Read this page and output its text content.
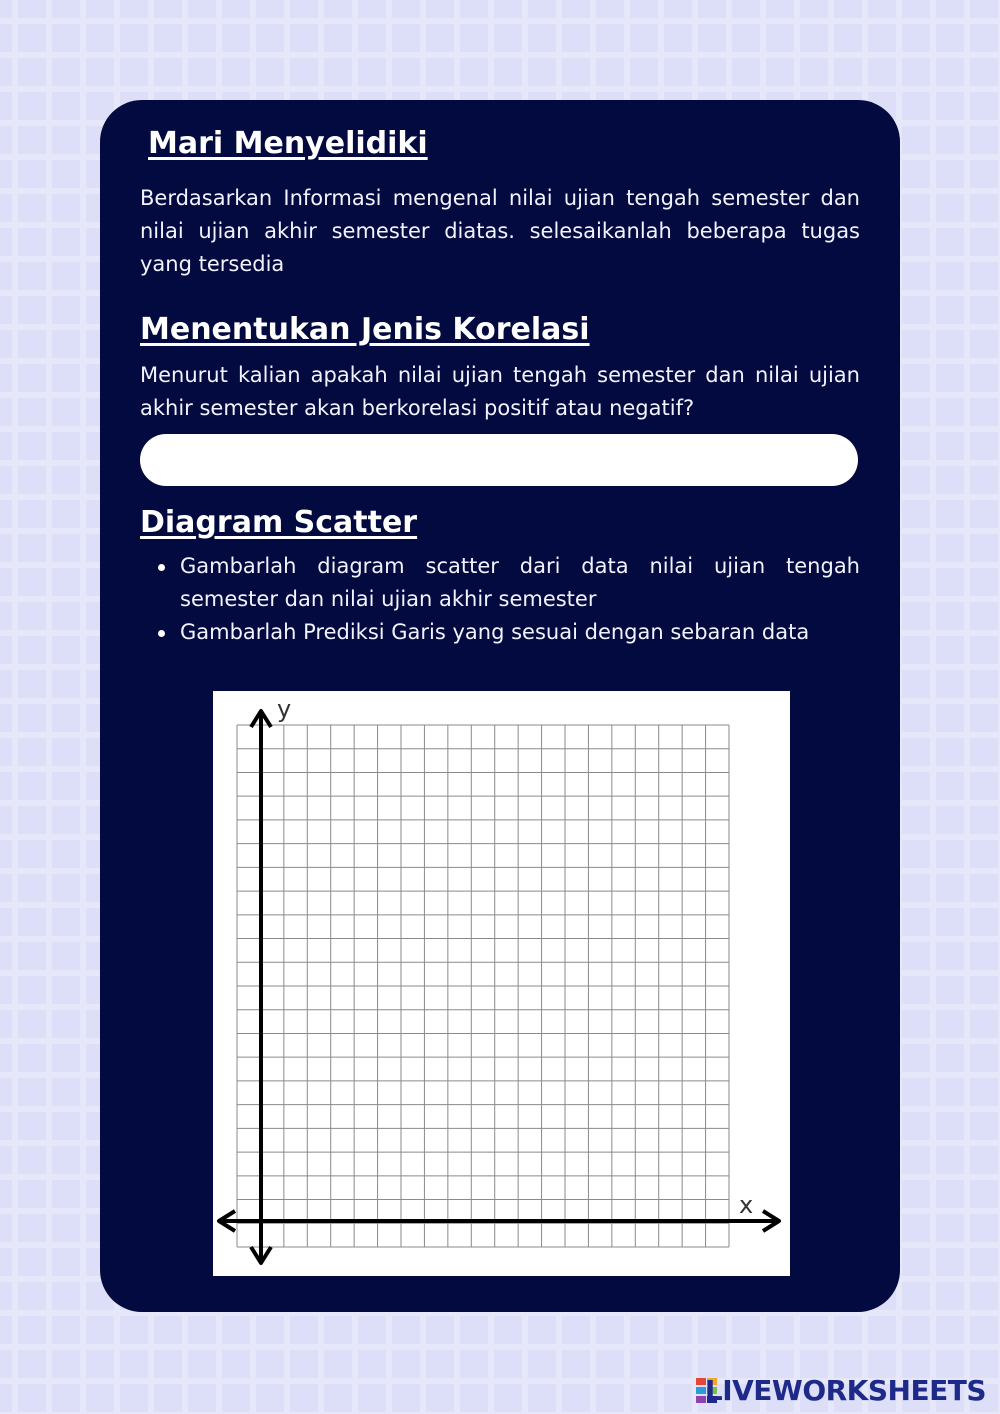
Mari Menyelidiki

Berdasarkan Informasi mengenal nilai ujian tengah semester dan nilai ujian akhir semester diatas. selesaikanlah beberapa tugas yang tersedia

Menentukan Jenis Korelasi

Menurut kalian apakah nilai ujian tengah semester dan nilai ujian akhir semester akan berkorelasi positif atau negatif?

Diagram Scatter
Gambarlah diagram scatter dari data nilai ujian tengah semester dan nilai ujian akhir semester
Gambarlah Prediksi Garis yang sesuai dengan sebaran data
y
x
LIVEWORKSHEETS
